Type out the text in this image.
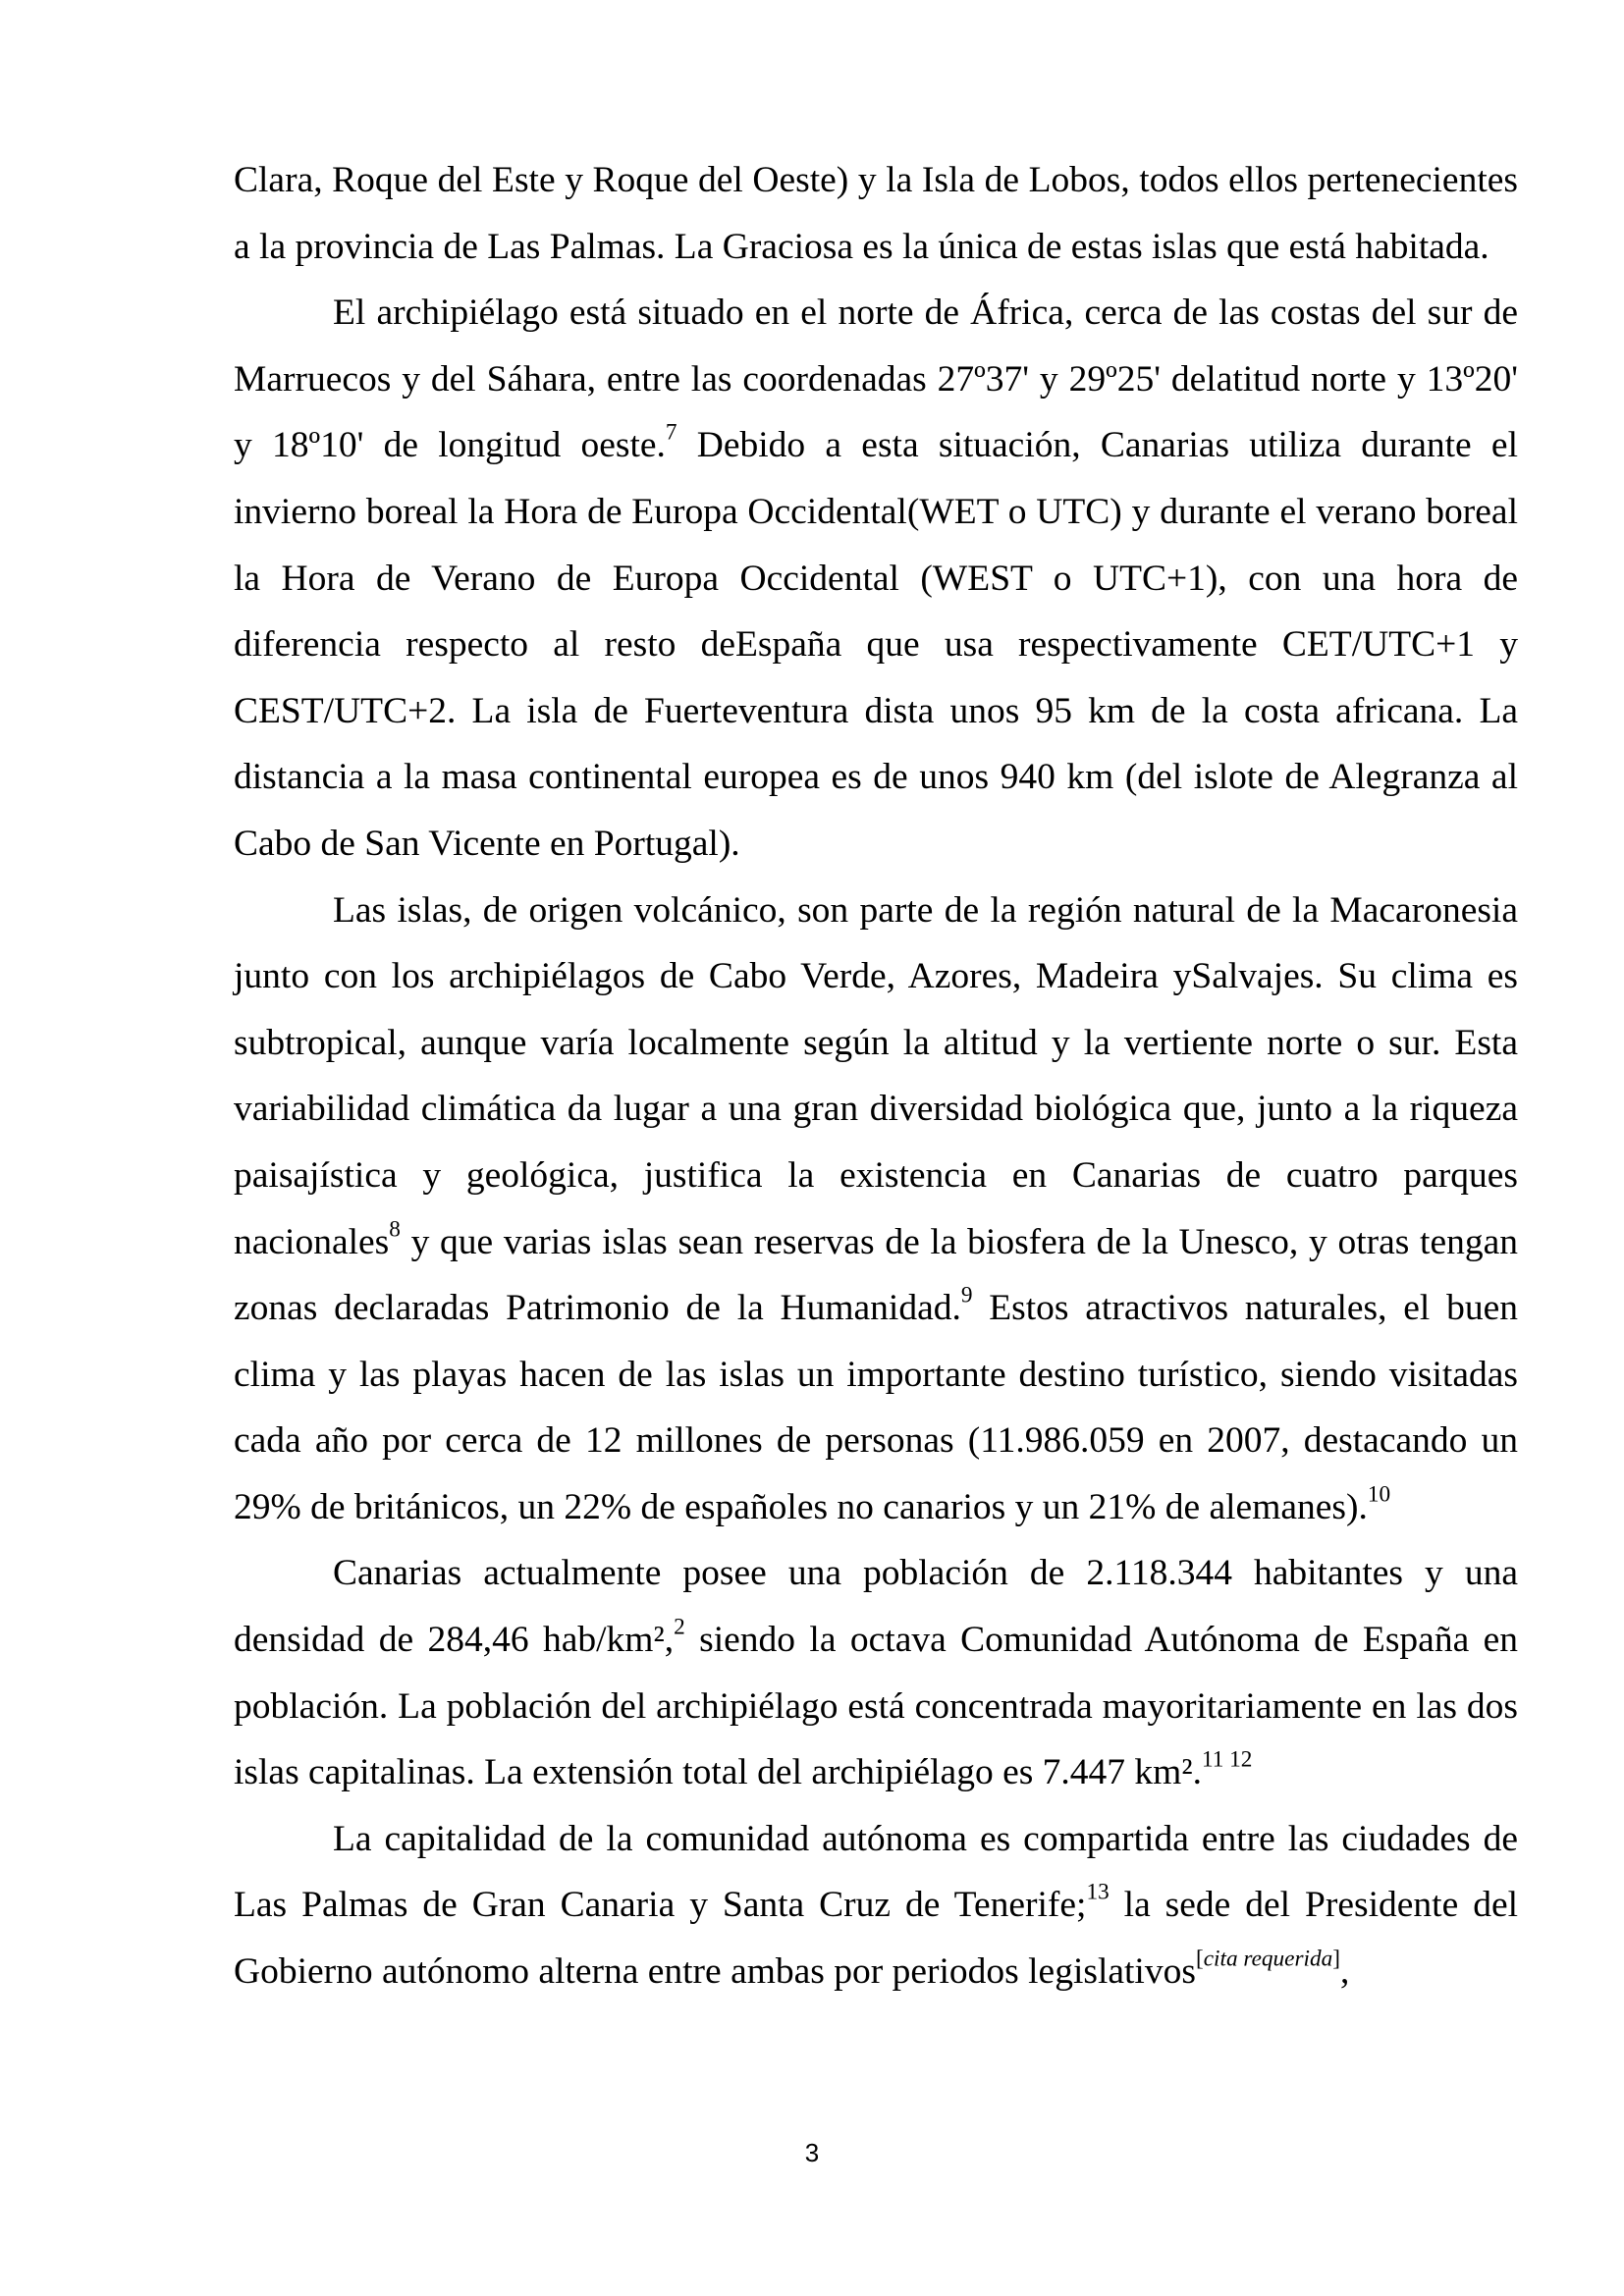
Clara, Roque del Este y Roque del Oeste) y la Isla de Lobos, todos ellos pertenecientes a la provincia de Las Palmas. La Graciosa es la única de estas islas que está habitada.

El archipiélago está situado en el norte de África, cerca de las costas del sur de Marruecos y del Sáhara, entre las coordenadas 27º37' y 29º25' delatitud norte y 13º20' y 18º10' de longitud oeste.$^7$ Debido a esta situación, Canarias utiliza durante el invierno boreal la Hora de Europa Occidental(WET o UTC) y durante el verano boreal la Hora de Verano de Europa Occidental (WEST o UTC+1), con una hora de diferencia respecto al resto deEspaña que usa respectivamente CET/UTC+1 y CEST/UTC+2. La isla de Fuerteventura dista unos 95 km de la costa africana. La distancia a la masa continental europea es de unos 940 km (del islote de Alegranza al Cabo de San Vicente en Portugal).

Las islas, de origen volcánico, son parte de la región natural de la Macaronesia junto con los archipiélagos de Cabo Verde, Azores, Madeira ySalvajes. Su clima es subtropical, aunque varía localmente según la altitud y la vertiente norte o sur. Esta variabilidad climática da lugar a una gran diversidad biológica que, junto a la riqueza paisajística y geológica, justifica la existencia en Canarias de cuatro parques nacionales$^8$ y que varias islas sean reservas de la biosfera de la Unesco, y otras tengan zonas declaradas Patrimonio de la Humanidad.$^9$ Estos atractivos naturales, el buen clima y las playas hacen de las islas un importante destino turístico, siendo visitadas cada año por cerca de 12 millones de personas (11.986.059 en 2007, destacando un 29% de británicos, un 22% de españoles no canarios y un 21% de alemanes).$^{10}$

Canarias actualmente posee una población de 2.118.344 habitantes y una densidad de 284,46 hab/km²,$^2$ siendo la octava Comunidad Autónoma de España en población. La población del archipiélago está concentrada mayoritariamente en las dos islas capitalinas. La extensión total del archipiélago es 7.447 km².$^{11 12}$

La capitalidad de la comunidad autónoma es compartida entre las ciudades de Las Palmas de Gran Canaria y Santa Cruz de Tenerife;$^{13}$ la sede del Presidente del Gobierno autónomo alterna entre ambas por periodos legislativos[cita requerida],

3
